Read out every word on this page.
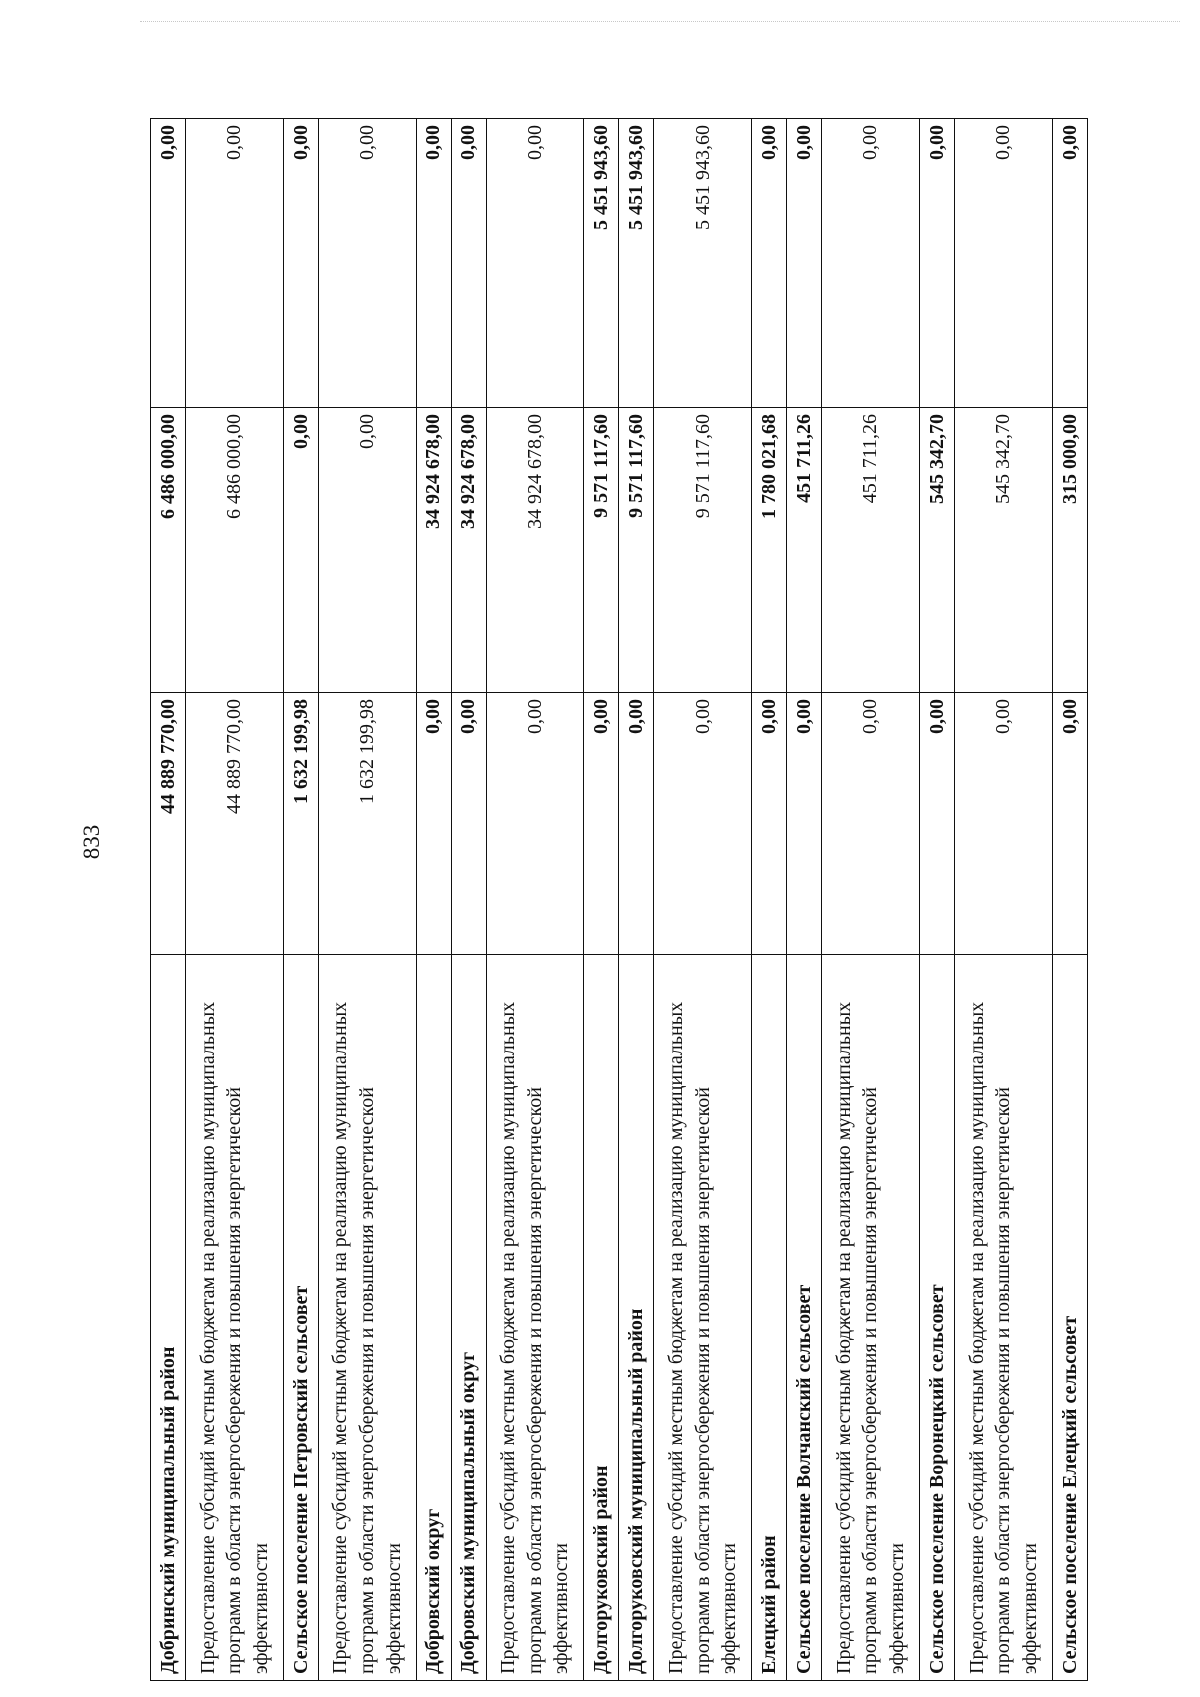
833
Добринский муниципальный район	44 889 770,00	6 486 000,00	0,00
Предоставление субсидий местным бюджетам на реализацию муниципальных программ в области энергосбережения и повышения энергетической эффективности	44 889 770,00	6 486 000,00	0,00
Сельское поселение Петровский сельсовет	1 632 199,98	0,00	0,00
Предоставление субсидий местным бюджетам на реализацию муниципальных программ в области энергосбережения и повышения энергетической эффективности	1 632 199,98	0,00	0,00
Добровский округ	0,00	34 924 678,00	0,00
Добровский муниципальный округ	0,00	34 924 678,00	0,00
Предоставление субсидий местным бюджетам на реализацию муниципальных программ в области энергосбережения и повышения энергетической эффективности	0,00	34 924 678,00	0,00
Долгоруковский район	0,00	9 571 117,60	5 451 943,60
Долгоруковский муниципальный район	0,00	9 571 117,60	5 451 943,60
Предоставление субсидий местным бюджетам на реализацию муниципальных программ в области энергосбережения и повышения энергетической эффективности	0,00	9 571 117,60	5 451 943,60
Елецкий район	0,00	1 780 021,68	0,00
Сельское поселение Волчанский сельсовет	0,00	451 711,26	0,00
Предоставление субсидий местным бюджетам на реализацию муниципальных программ в области энергосбережения и повышения энергетической эффективности	0,00	451 711,26	0,00
Сельское поселение Воронецкий сельсовет	0,00	545 342,70	0,00
Предоставление субсидий местным бюджетам на реализацию муниципальных программ в области энергосбережения и повышения энергетической эффективности	0,00	545 342,70	0,00
Сельское поселение Елецкий сельсовет	0,00	315 000,00	0,00
